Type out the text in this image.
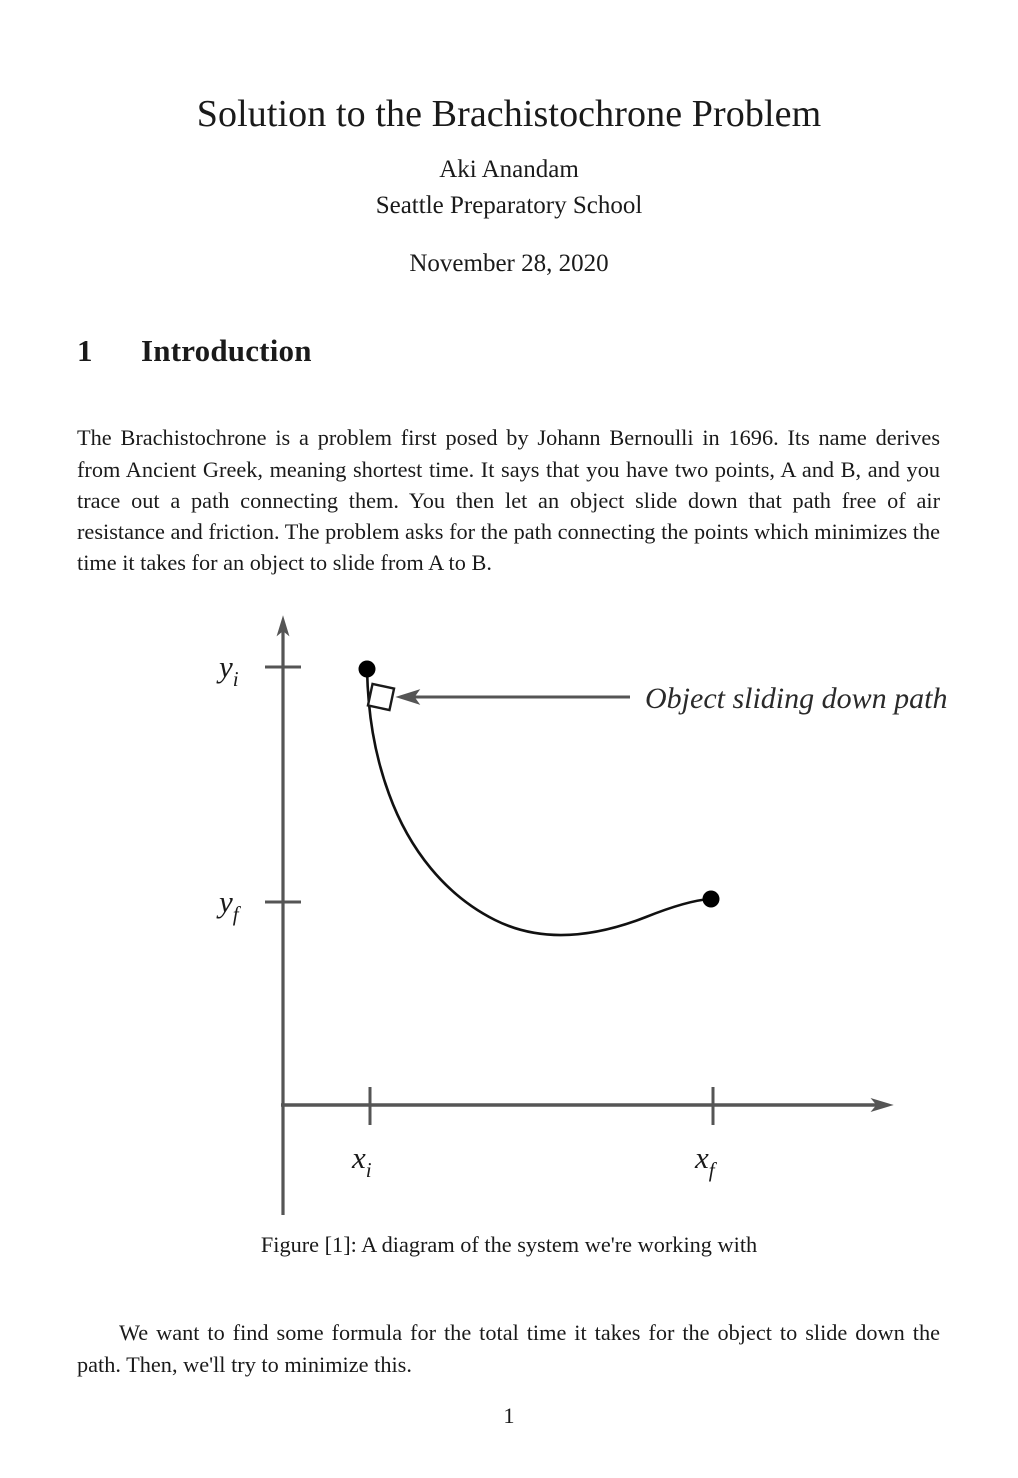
Solution to the Brachistochrone Problem
Aki Anandam
Seattle Preparatory School
November 28, 2020
1 Introduction

The Brachistochrone is a problem first posed by Johann Bernoulli in 1696. Its name derives from Ancient Greek, meaning shortest time. It says that you have two points, A and B, and you trace out a path connecting them. You then let an object slide down that path free of air resistance and friction. The problem asks for the path connecting the points which minimizes the time it takes for an object to slide from A to B.

$y_i$
$y_f$
$x_i$	$x_f$
Object sliding down path
Figure [1]: A diagram of the system we're working with

We want to find some formula for the total time it takes for the object to slide down the path. Then, we'll try to minimize this.

1
